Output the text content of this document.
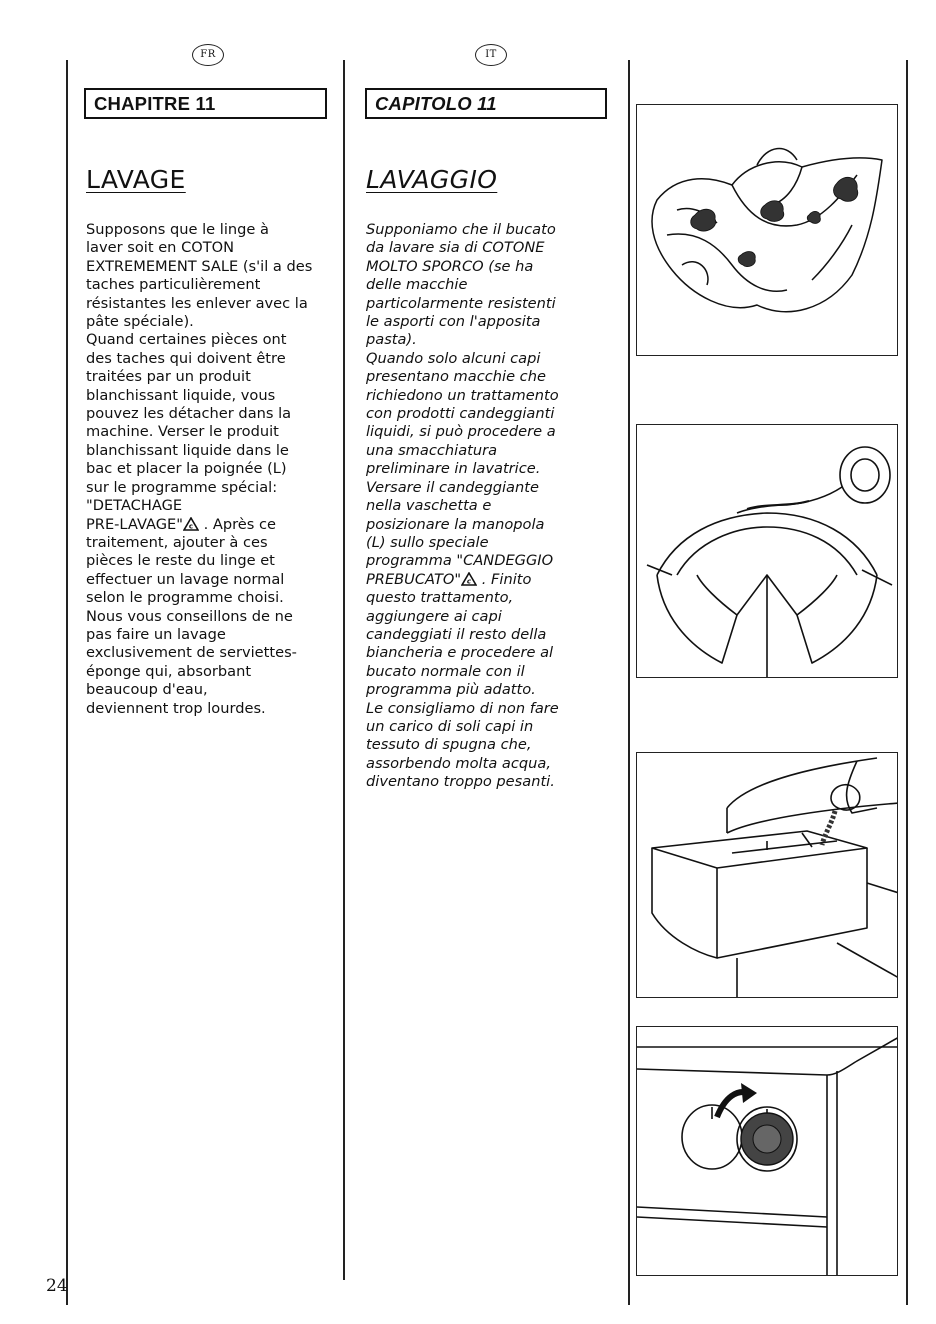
FR
CHAPITRE 11
LAVAGE
Supposons que le linge à
laver soit en COTON
EXTREMEMENT SALE (s'il a des
taches particulièrement
résistantes les enlever avec la
pâte spéciale).
Quand certaines pièces ont
des taches qui doivent être
traitées par un produit
blanchissant liquide, vous
pouvez les détacher dans la
machine. Verser le produit
blanchissant liquide dans le
bac et placer la poignée (L)
sur le programme spécial:
"DETACHAGE
PRE-LAVAGE" c . Après ce
traitement, ajouter à ces
pièces le reste du linge et
effectuer un lavage normal
selon le programme choisi.
Nous vous conseillons de ne
pas faire un lavage
exclusivement de serviettes-
éponge qui, absorbant
beaucoup d'eau,
deviennent trop lourdes.
IT
CAPITOLO 11
LAVAGGIO
Supponiamo che il bucato
da lavare sia di COTONE
MOLTO SPORCO (se ha
delle macchie
particolarmente resistenti
le asporti con l'apposita
pasta).
Quando solo alcuni capi
presentano macchie che
richiedono un trattamento
con prodotti candeggianti
liquidi, si può procedere a
una smacchiatura
preliminare in lavatrice.
Versare il candeggiante
nella vaschetta e
posizionare la manopola
(L) sullo speciale
programma "CANDEGGIO
PREBUCATO" c . Finito
questo trattamento,
aggiungere ai capi
candeggiati il resto della
biancheria e procedere al
bucato normale con il
programma più adatto.
Le consigliamo di non fare
un carico di soli capi in
tessuto di spugna che,
assorbendo molta acqua,
diventano troppo pesanti.
24
